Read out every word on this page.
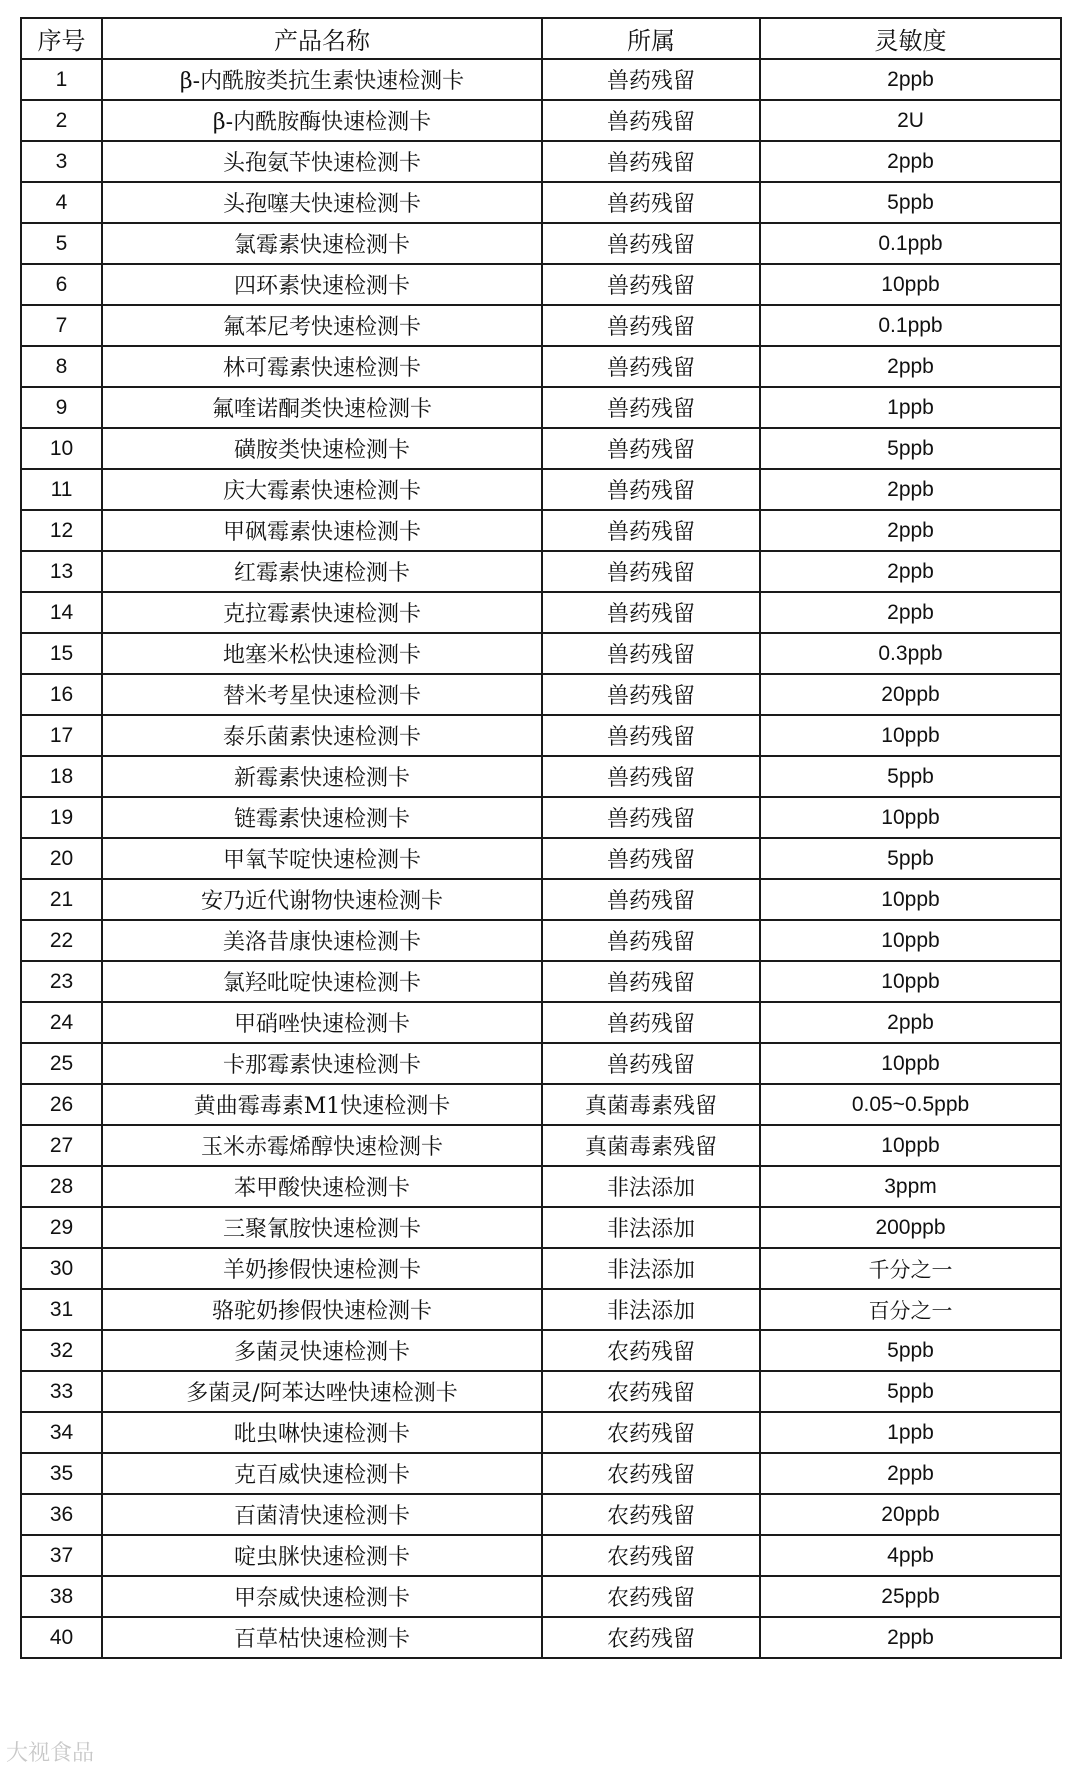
序号	产品名称	所属	灵敏度
1	β-内酰胺类抗生素快速检测卡	兽药残留	2ppb
2	β-内酰胺酶快速检测卡	兽药残留	2U
3	头孢氨苄快速检测卡	兽药残留	2ppb
4	头孢噻夫快速检测卡	兽药残留	5ppb
5	氯霉素快速检测卡	兽药残留	0.1ppb
6	四环素快速检测卡	兽药残留	10ppb
7	氟苯尼考快速检测卡	兽药残留	0.1ppb
8	林可霉素快速检测卡	兽药残留	2ppb
9	氟喹诺酮类快速检测卡	兽药残留	1ppb
10	磺胺类快速检测卡	兽药残留	5ppb
11	庆大霉素快速检测卡	兽药残留	2ppb
12	甲砜霉素快速检测卡	兽药残留	2ppb
13	红霉素快速检测卡	兽药残留	2ppb
14	克拉霉素快速检测卡	兽药残留	2ppb
15	地塞米松快速检测卡	兽药残留	0.3ppb
16	替米考星快速检测卡	兽药残留	20ppb
17	泰乐菌素快速检测卡	兽药残留	10ppb
18	新霉素快速检测卡	兽药残留	5ppb
19	链霉素快速检测卡	兽药残留	10ppb
20	甲氧苄啶快速检测卡	兽药残留	5ppb
21	安乃近代谢物快速检测卡	兽药残留	10ppb
22	美洛昔康快速检测卡	兽药残留	10ppb
23	氯羟吡啶快速检测卡	兽药残留	10ppb
24	甲硝唑快速检测卡	兽药残留	2ppb
25	卡那霉素快速检测卡	兽药残留	10ppb
26	黄曲霉毒素M1快速检测卡	真菌毒素残留	0.05~0.5ppb
27	玉米赤霉烯醇快速检测卡	真菌毒素残留	10ppb
28	苯甲酸快速检测卡	非法添加	3ppm
29	三聚氰胺快速检测卡	非法添加	200ppb
30	羊奶掺假快速检测卡	非法添加	千分之一
31	骆驼奶掺假快速检测卡	非法添加	百分之一
32	多菌灵快速检测卡	农药残留	5ppb
33	多菌灵/阿苯达唑快速检测卡	农药残留	5ppb
34	吡虫啉快速检测卡	农药残留	1ppb
35	克百威快速检测卡	农药残留	2ppb
36	百菌清快速检测卡	农药残留	20ppb
37	啶虫脒快速检测卡	农药残留	4ppb
38	甲奈威快速检测卡	农药残留	25ppb
40	百草枯快速检测卡	农药残留	2ppb
大视食品
